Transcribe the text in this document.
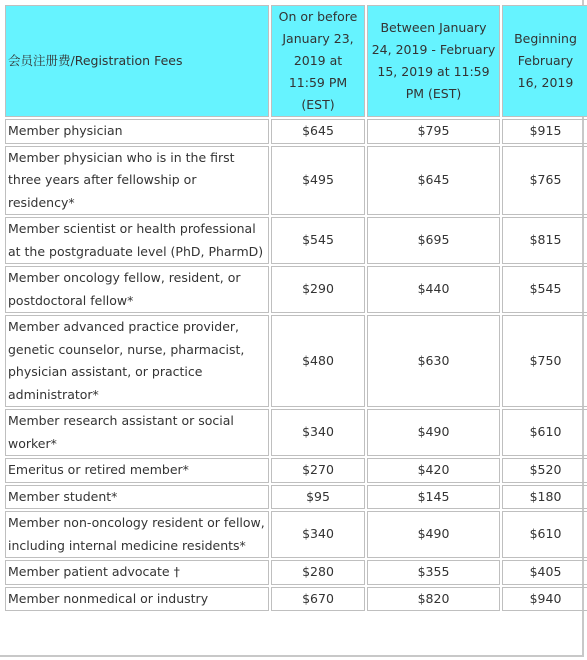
会员注册费/Registration Fees	On or before January 23, 2019 at 11:59 PM (EST)	Between January 24, 2019 - February 15, 2019 at 11:59 PM (EST)	Beginning February 16, 2019
Member physician	$645	$795	$915
Member physician who is in the first three years after fellowship or residency*	$495	$645	$765
Member scientist or health professional at the postgraduate level (PhD, PharmD)	$545	$695	$815
Member oncology fellow, resident, or postdoctoral fellow*	$290	$440	$545
Member advanced practice provider, genetic counselor, nurse, pharmacist, physician assistant, or practice administrator*	$480	$630	$750
Member research assistant or social worker*	$340	$490	$610
Emeritus or retired member*	$270	$420	$520
Member student*	$95	$145	$180
Member non-oncology resident or fellow, including internal medicine residents*	$340	$490	$610
Member patient advocate †	$280	$355	$405
Member nonmedical or industry	$670	$820	$940
